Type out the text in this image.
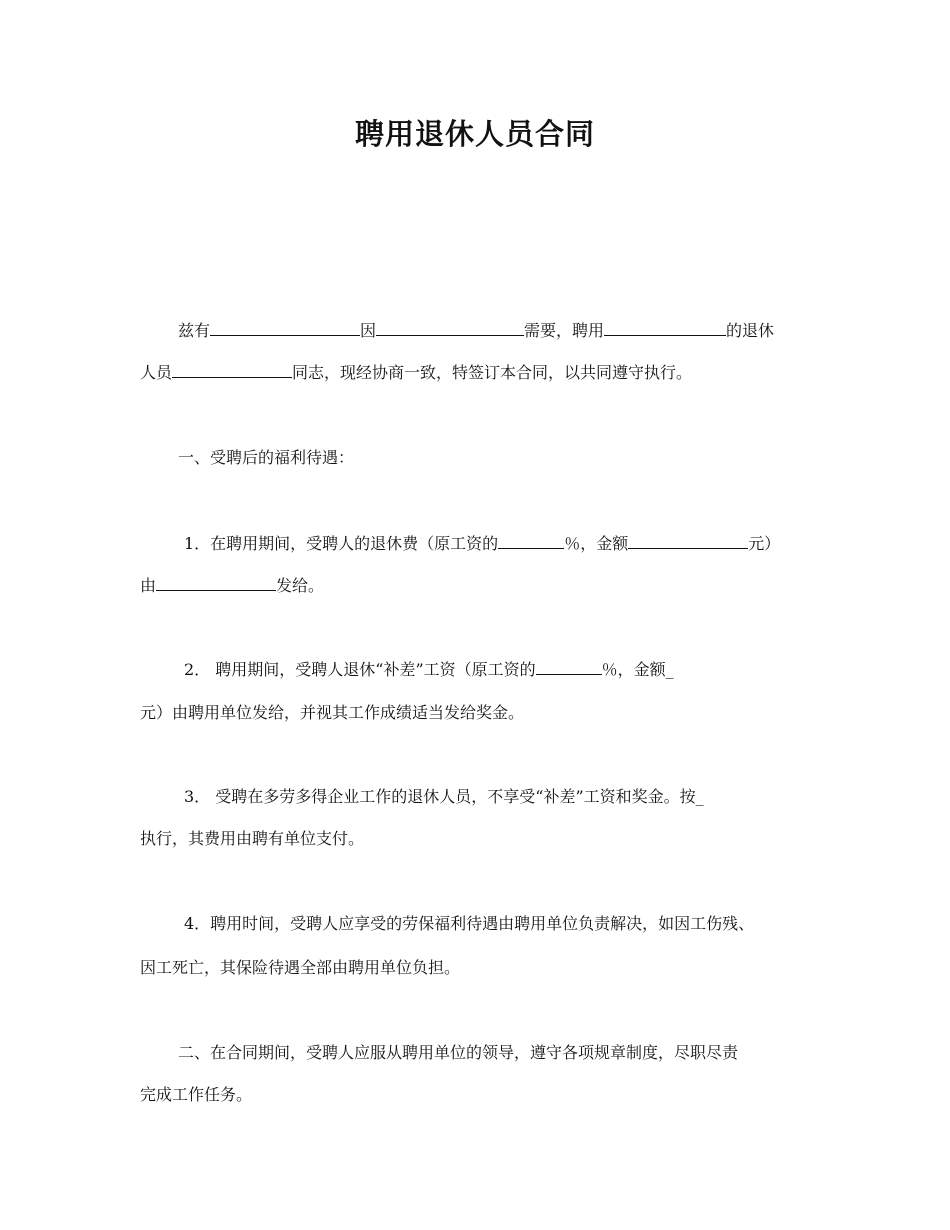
聘用退休人员合同
兹有	因	需要，聘用	的退休
人员	同志，现经协商一致，特签订本合同，以共同遵守执行。
一、受聘后的福利待遇：
1．在聘用期间，受聘人的退休费（原工资的	％，金额	元）
由	发给。
2． 聘用期间，受聘人退休“补差”工资（原工资的	％，金额_
元）由聘用单位发给，并视其工作成绩适当发给奖金。
3． 受聘在多劳多得企业工作的退休人员，不享受“补差”工资和奖金。按_
执行，其费用由聘有单位支付。
4．聘用时间，受聘人应享受的劳保福利待遇由聘用单位负责解决，如因工伤残、
因工死亡，其保险待遇全部由聘用单位负担。
二、在合同期间，受聘人应服从聘用单位的领导，遵守各项规章制度，尽职尽责
完成工作任务。
